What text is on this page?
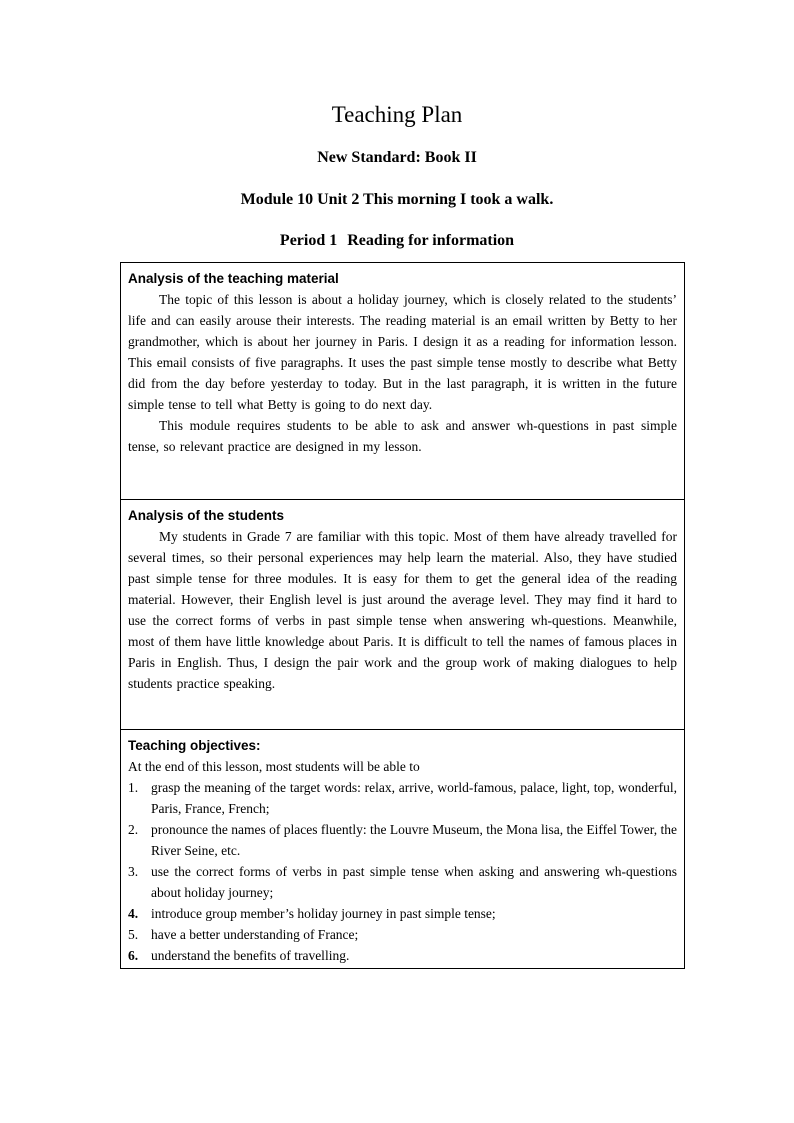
Teaching Plan
New Standard: Book II
Module 10 Unit 2 This morning I took a walk.
Period 1 Reading for information

Analysis of the teaching material

The topic of this lesson is about a holiday journey, which is closely related to the students’ life and can easily arouse their interests. The reading material is an email written by Betty to her grandmother, which is about her journey in Paris. I design it as a reading for information lesson. This email consists of five paragraphs. It uses the past simple tense mostly to describe what Betty did from the day before yesterday to today. But in the last paragraph, it is written in the future simple tense to tell what Betty is going to do next day.

This module requires students to be able to ask and answer wh-questions in past simple tense, so relevant practice are designed in my lesson.

Analysis of the students

My students in Grade 7 are familiar with this topic. Most of them have already travelled for several times, so their personal experiences may help learn the material. Also, they have studied past simple tense for three modules. It is easy for them to get the general idea of the reading material. However, their English level is just around the average level. They may find it hard to use the correct forms of verbs in past simple tense when answering wh-questions. Meanwhile, most of them have little knowledge about Paris. It is difficult to tell the names of famous places in Paris in English. Thus, I design the pair work and the group work of making dialogues to help students practice speaking.

Teaching objectives:

At the end of this lesson, most students will be able to

1. grasp the meaning of the target words: relax, arrive, world-famous, palace, light, top, wonderful, Paris, France, French;
2. pronounce the names of places fluently: the Louvre Museum, the Mona lisa, the Eiffel Tower, the River Seine, etc.
3. use the correct forms of verbs in past simple tense when asking and answering wh-questions about holiday journey;
4. introduce group member’s holiday journey in past simple tense;
5. have a better understanding of France;
6. understand the benefits of travelling.
